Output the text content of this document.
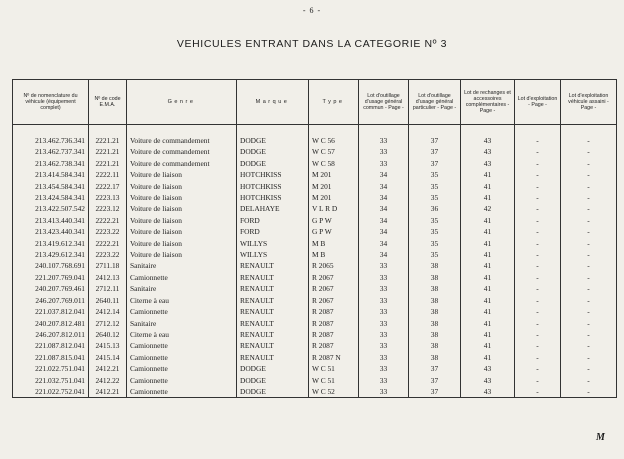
- 6 -
VEHICULES ENTRANT DANS LA CATEGORIE Nº 3
Nº de nomenclature du véhicule (équipement complet)	Nº de code E.M.A.	Genre	Marque	Type	Lot d'outillage d'usage général commun - Page -	Lot d'outillage d'usage général particulier - Page -	Lot de rechanges et accessoires complémentaires - Page -	Lot d'exploitation - Page -	Lot d'exploitation véhicule assaini - Page -

213.462.736.341	2221.21	Voiture de commandement	DODGE	W C 56	33	37	43	-	-
213.462.737.341	2221.21	Voiture de commandement	DODGE	W C 57	33	37	43	-	-
213.462.738.341	2221.21	Voiture de commandement	DODGE	W C 58	33	37	43	-	-
213.414.584.341	2222.11	Voiture de liaison	HOTCHKISS	M 201	34	35	41	-	-
213.454.584.341	2222.17	Voiture de liaison	HOTCHKISS	M 201	34	35	41	-	-
213.424.584.341	2223.13	Voiture de liaison	HOTCHKISS	M 201	34	35	41	-	-
213.422.507.542	2223.12	Voiture de liaison	DELAHAYE	V L R D	34	36	42	-	-
213.413.440.341	2222.21	Voiture de liaison	FORD	G P W	34	35	41	-	-
213.423.440.341	2223.22	Voiture de liaison	FORD	G P W	34	35	41	-	-
213.419.612.341	2222.21	Voiture de liaison	WILLYS	M B	34	35	41	-	-
213.429.612.341	2223.22	Voiture de liaison	WILLYS	M B	34	35	41	-	-
240.107.768.691	2711.18	Sanitaire	RENAULT	R 2065	33	38	41	-	-
221.207.769.041	2412.13	Camionnette	RENAULT	R 2067	33	38	41	-	-
240.207.769.461	2712.11	Sanitaire	RENAULT	R 2067	33	38	41	-	-
246.207.769.011	2640.11	Citerne à eau	RENAULT	R 2067	33	38	41	-	-
221.037.812.041	2412.14	Camionnette	RENAULT	R 2087	33	38	41	-	-
240.207.812.481	2712.12	Sanitaire	RENAULT	R 2087	33	38	41	-	-
246.207.812.011	2640.12	Citerne à eau	RENAULT	R 2087	33	38	41	-	-
221.087.812.041	2415.13	Camionnette	RENAULT	R 2087	33	38	41	-	-
221.087.815.041	2415.14	Camionnette	RENAULT	R 2087 N	33	38	41	-	-
221.022.751.041	2412.21	Camionnette	DODGE	W C 51	33	37	43	-	-
221.032.751.041	2412.22	Camionnette	DODGE	W C 51	33	37	43	-	-
221.022.752.041	2412.21	Camionnette	DODGE	W C 52	33	37	43	-	-
M
